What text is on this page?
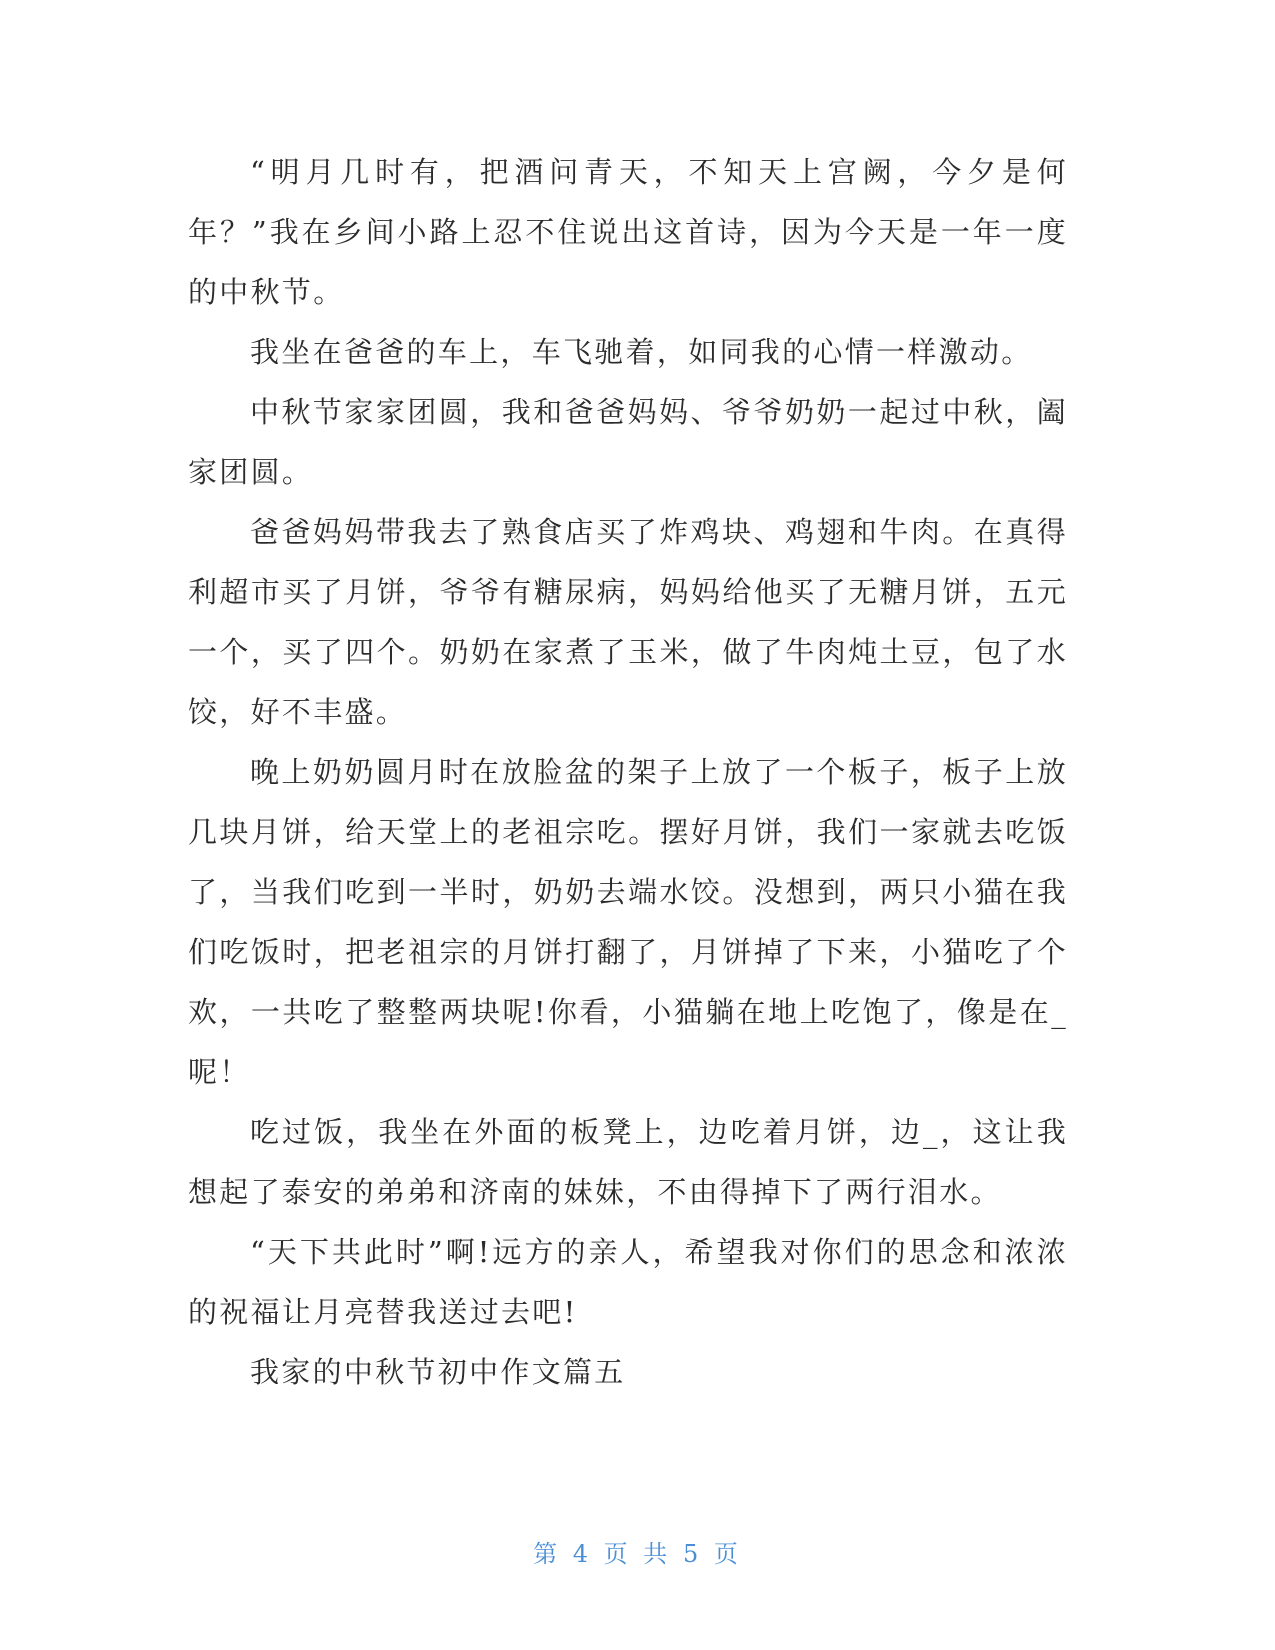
“明月几时有，把酒问青天，不知天上宫阙，今夕是何年？”我在乡间小路上忍不住说出这首诗，因为今天是一年一度的中秋节。

我坐在爸爸的车上，车飞驰着，如同我的心情一样激动。

中秋节家家团圆，我和爸爸妈妈、爷爷奶奶一起过中秋，阖家团圆。

爸爸妈妈带我去了熟食店买了炸鸡块、鸡翅和牛肉。在真得利超市买了月饼，爷爷有糖尿病，妈妈给他买了无糖月饼，五元一个，买了四个。奶奶在家煮了玉米，做了牛肉炖土豆，包了水饺，好不丰盛。

晚上奶奶圆月时在放脸盆的架子上放了一个板子，板子上放几块月饼，给天堂上的老祖宗吃。摆好月饼，我们一家就去吃饭了，当我们吃到一半时，奶奶去端水饺。没想到，两只小猫在我们吃饭时，把老祖宗的月饼打翻了，月饼掉了下来，小猫吃了个欢，一共吃了整整两块呢!你看，小猫躺在地上吃饱了，像是在_呢！

吃过饭，我坐在外面的板凳上，边吃着月饼，边_，这让我想起了泰安的弟弟和济南的妹妹，不由得掉下了两行泪水。

“天下共此时”啊!远方的亲人，希望我对你们的思念和浓浓的祝福让月亮替我送过去吧!

我家的中秋节初中作文篇五

第 4 页 共 5 页
